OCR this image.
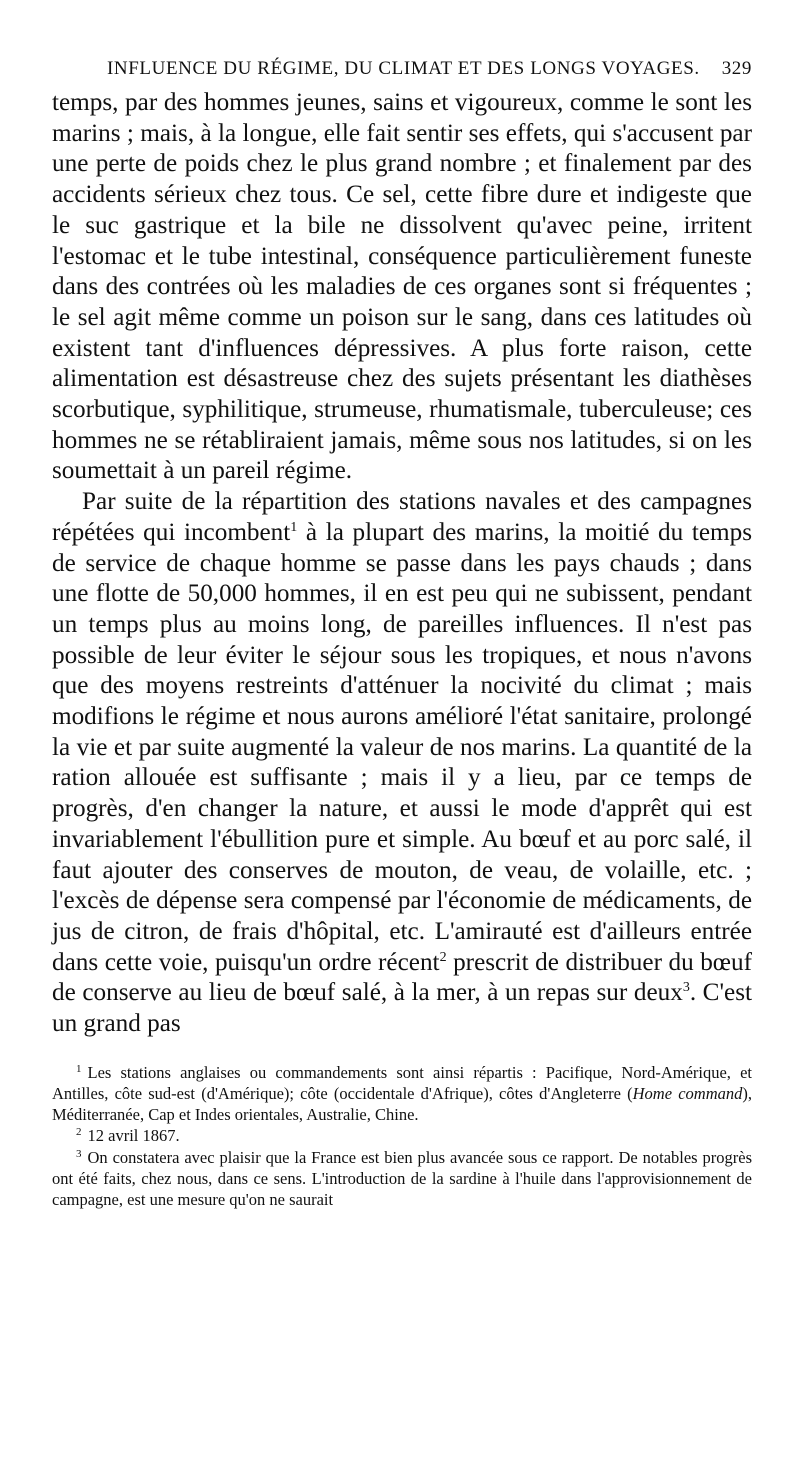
INFLUENCE DU RÉGIME, DU CLIMAT ET DES LONGS VOYAGES. 329

temps, par des hommes jeunes, sains et vigoureux, comme le sont les marins ; mais, à la longue, elle fait sentir ses effets, qui s'accusent par une perte de poids chez le plus grand nombre ; et finalement par des accidents sérieux chez tous. Ce sel, cette fibre dure et indigeste que le suc gastrique et la bile ne dissolvent qu'avec peine, irritent l'estomac et le tube intestinal, conséquence particulièrement funeste dans des contrées où les maladies de ces organes sont si fréquentes ; le sel agit même comme un poison sur le sang, dans ces latitudes où existent tant d'influences dépressives. A plus forte raison, cette alimentation est désastreuse chez des sujets présentant les diathèses scorbutique, syphilitique, strumeuse, rhumatismale, tuberculeuse; ces hommes ne se rétabliraient jamais, même sous nos latitudes, si on les soumettait à un pareil régime.

Par suite de la répartition des stations navales et des campagnes répétées qui incombent$^1$ à la plupart des marins, la moitié du temps de service de chaque homme se passe dans les pays chauds ; dans une flotte de 50,000 hommes, il en est peu qui ne subissent, pendant un temps plus au moins long, de pareilles influences. Il n'est pas possible de leur éviter le séjour sous les tropiques, et nous n'avons que des moyens restreints d'atténuer la nocivité du climat ; mais modifions le régime et nous aurons amélioré l'état sanitaire, prolongé la vie et par suite augmenté la valeur de nos marins. La quantité de la ration allouée est suffisante ; mais il y a lieu, par ce temps de progrès, d'en changer la nature, et aussi le mode d'apprêt qui est invariablement l'ébullition pure et simple. Au bœuf et au porc salé, il faut ajouter des conserves de mouton, de veau, de volaille, etc. ; l'excès de dépense sera compensé par l'économie de médicaments, de jus de citron, de frais d'hôpital, etc. L'amirauté est d'ailleurs entrée dans cette voie, puisqu'un ordre récent$^2$ prescrit de distribuer du bœuf de conserve au lieu de bœuf salé, à la mer, à un repas sur deux$^3$. C'est un grand pas

$^1$ Les stations anglaises ou commandements sont ainsi répartis : Pacifique, Nord-Amérique, et Antilles, côte sud-est (d'Amérique); côte (occidentale d'Afrique), côtes d'Angleterre (Home command), Méditerranée, Cap et Indes orientales, Australie, Chine.

$^2$ 12 avril 1867.

$^3$ On constatera avec plaisir que la France est bien plus avancée sous ce rapport. De notables progrès ont été faits, chez nous, dans ce sens. L'introduction de la sardine à l'huile dans l'approvisionnement de campagne, est une mesure qu'on ne saurait
